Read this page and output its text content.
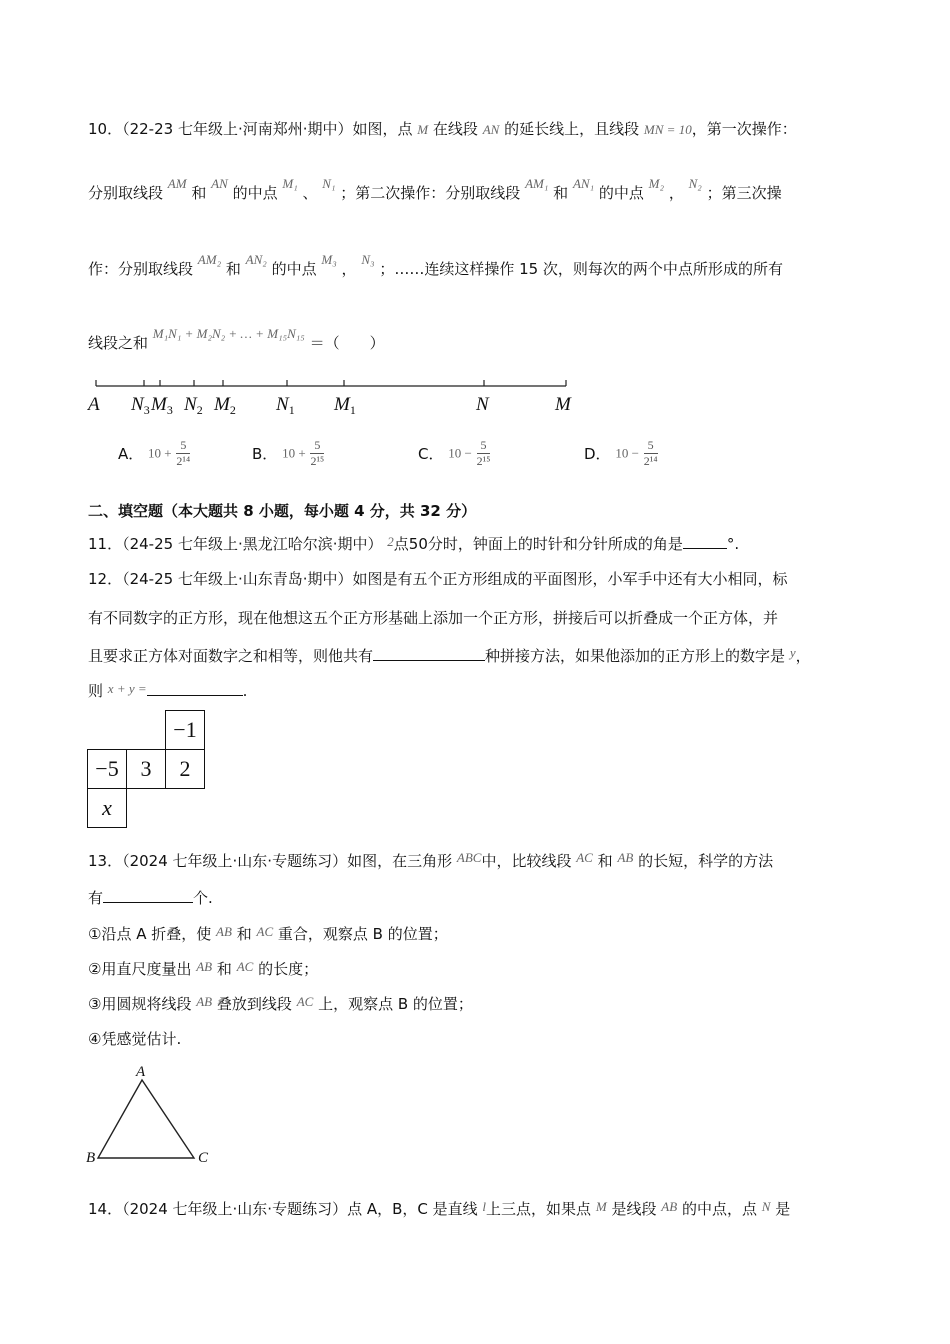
10．（22-23 七年级上·河南郑州·期中）如图，点 M 在线段 AN 的延长线上，且线段 MN = 10，第一次操作：
分别取线段 AM 和 AN 的中点 M₁ 、 N₁ ；第二次操作：分别取线段 AM₁ 和 AN₁ 的中点 M₂ ， N₂ ；第三次操
作：分别取线段 AM₂ 和 AN₂ 的中点 M₃ ， N₃ ；……连续这样操作 15 次，则每次的两个中点所形成的所有
线段之和 M₁N₁ + M₂N₂ + … + M₁₅N₁₅ ＝（　　）
A $N_3$ $M_3$ $N_2$ $M_2$ $N_1$ $M_1$	N	M
A． $10 + \frac{5}{\text{2¹⁴}}$	B． $10 + \frac{5}{\text{2¹⁵}}$	C． $10 - \frac{5}{\text{2¹⁵}}$	D． $10 - \frac{5}{\text{2¹⁴}}$
二、填空题（本大题共 8 小题，每小题 4 分，共 32 分）
11．（24-25 七年级上·黑龙江哈尔滨·期中） 2点50分时，钟面上的时针和分针所成的角是	°.
12．（24-25 七年级上·山东青岛·期中）如图是有五个正方形组成的平面图形，小军手中还有大小相同，标
有不同数字的正方形，现在他想这五个正方形基础上添加一个正方形，拼接后可以折叠成一个正方体，并
且要求正方体对面数字之和相等，则他共有	种拼接方法，如果他添加的正方形上的数字是 y，
则 x + y =	.
		−1
−5	3	2
x		
13．（2024 七年级上·山东·专题练习）如图，在三角形 ABC中，比较线段 AC 和 AB 的长短，科学的方法
有	个.
①沿点 A 折叠，使 AB 和 AC 重合，观察点 B 的位置；
②用直尺度量出 AB 和 AC 的长度；
③用圆规将线段 AB 叠放到线段 AC 上，观察点 B 的位置；
④凭感觉估计.
A
B	C
14．（2024 七年级上·山东·专题练习）点 A，B，C 是直线 l上三点，如果点 M 是线段 AB 的中点，点 N 是
